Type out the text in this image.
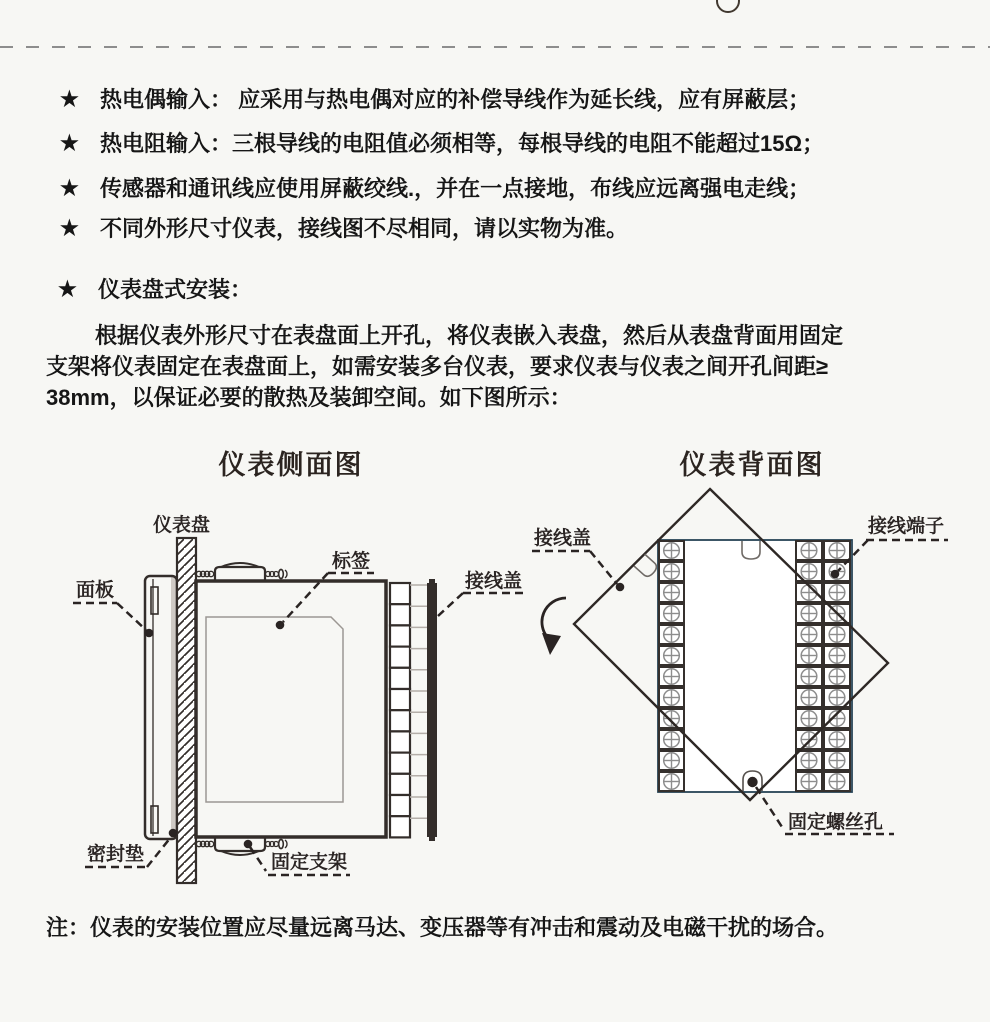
★ 热电偶输入： 应采用与热电偶对应的补偿导线作为延长线，应有屏蔽层；
★ 热电阻输入：三根导线的电阻值必须相等，每根导线的电阻不能超过15Ω；
★ 传感器和通讯线应使用屏蔽绞线.，并在一点接地，布线应远离强电走线；
★ 不同外形尺寸仪表，接线图不尽相同，请以实物为准。
★ 仪表盘式安装：
根据仪表外形尺寸在表盘面上开孔，将仪表嵌入表盘，然后从表盘背面用固定
支架将仪表固定在表盘面上，如需安装多台仪表，要求仪表与仪表之间开孔间距≥
38mm，以保证必要的散热及装卸空间。如下图所示：
仪表侧面图
仪表盘
面板
标签
接线盖
密封垫	固定支架
仪表背面图
接线盖
接线端子
固定螺丝孔
注：仪表的安装位置应尽量远离马达、变压器等有冲击和震动及电磁干扰的场合。
